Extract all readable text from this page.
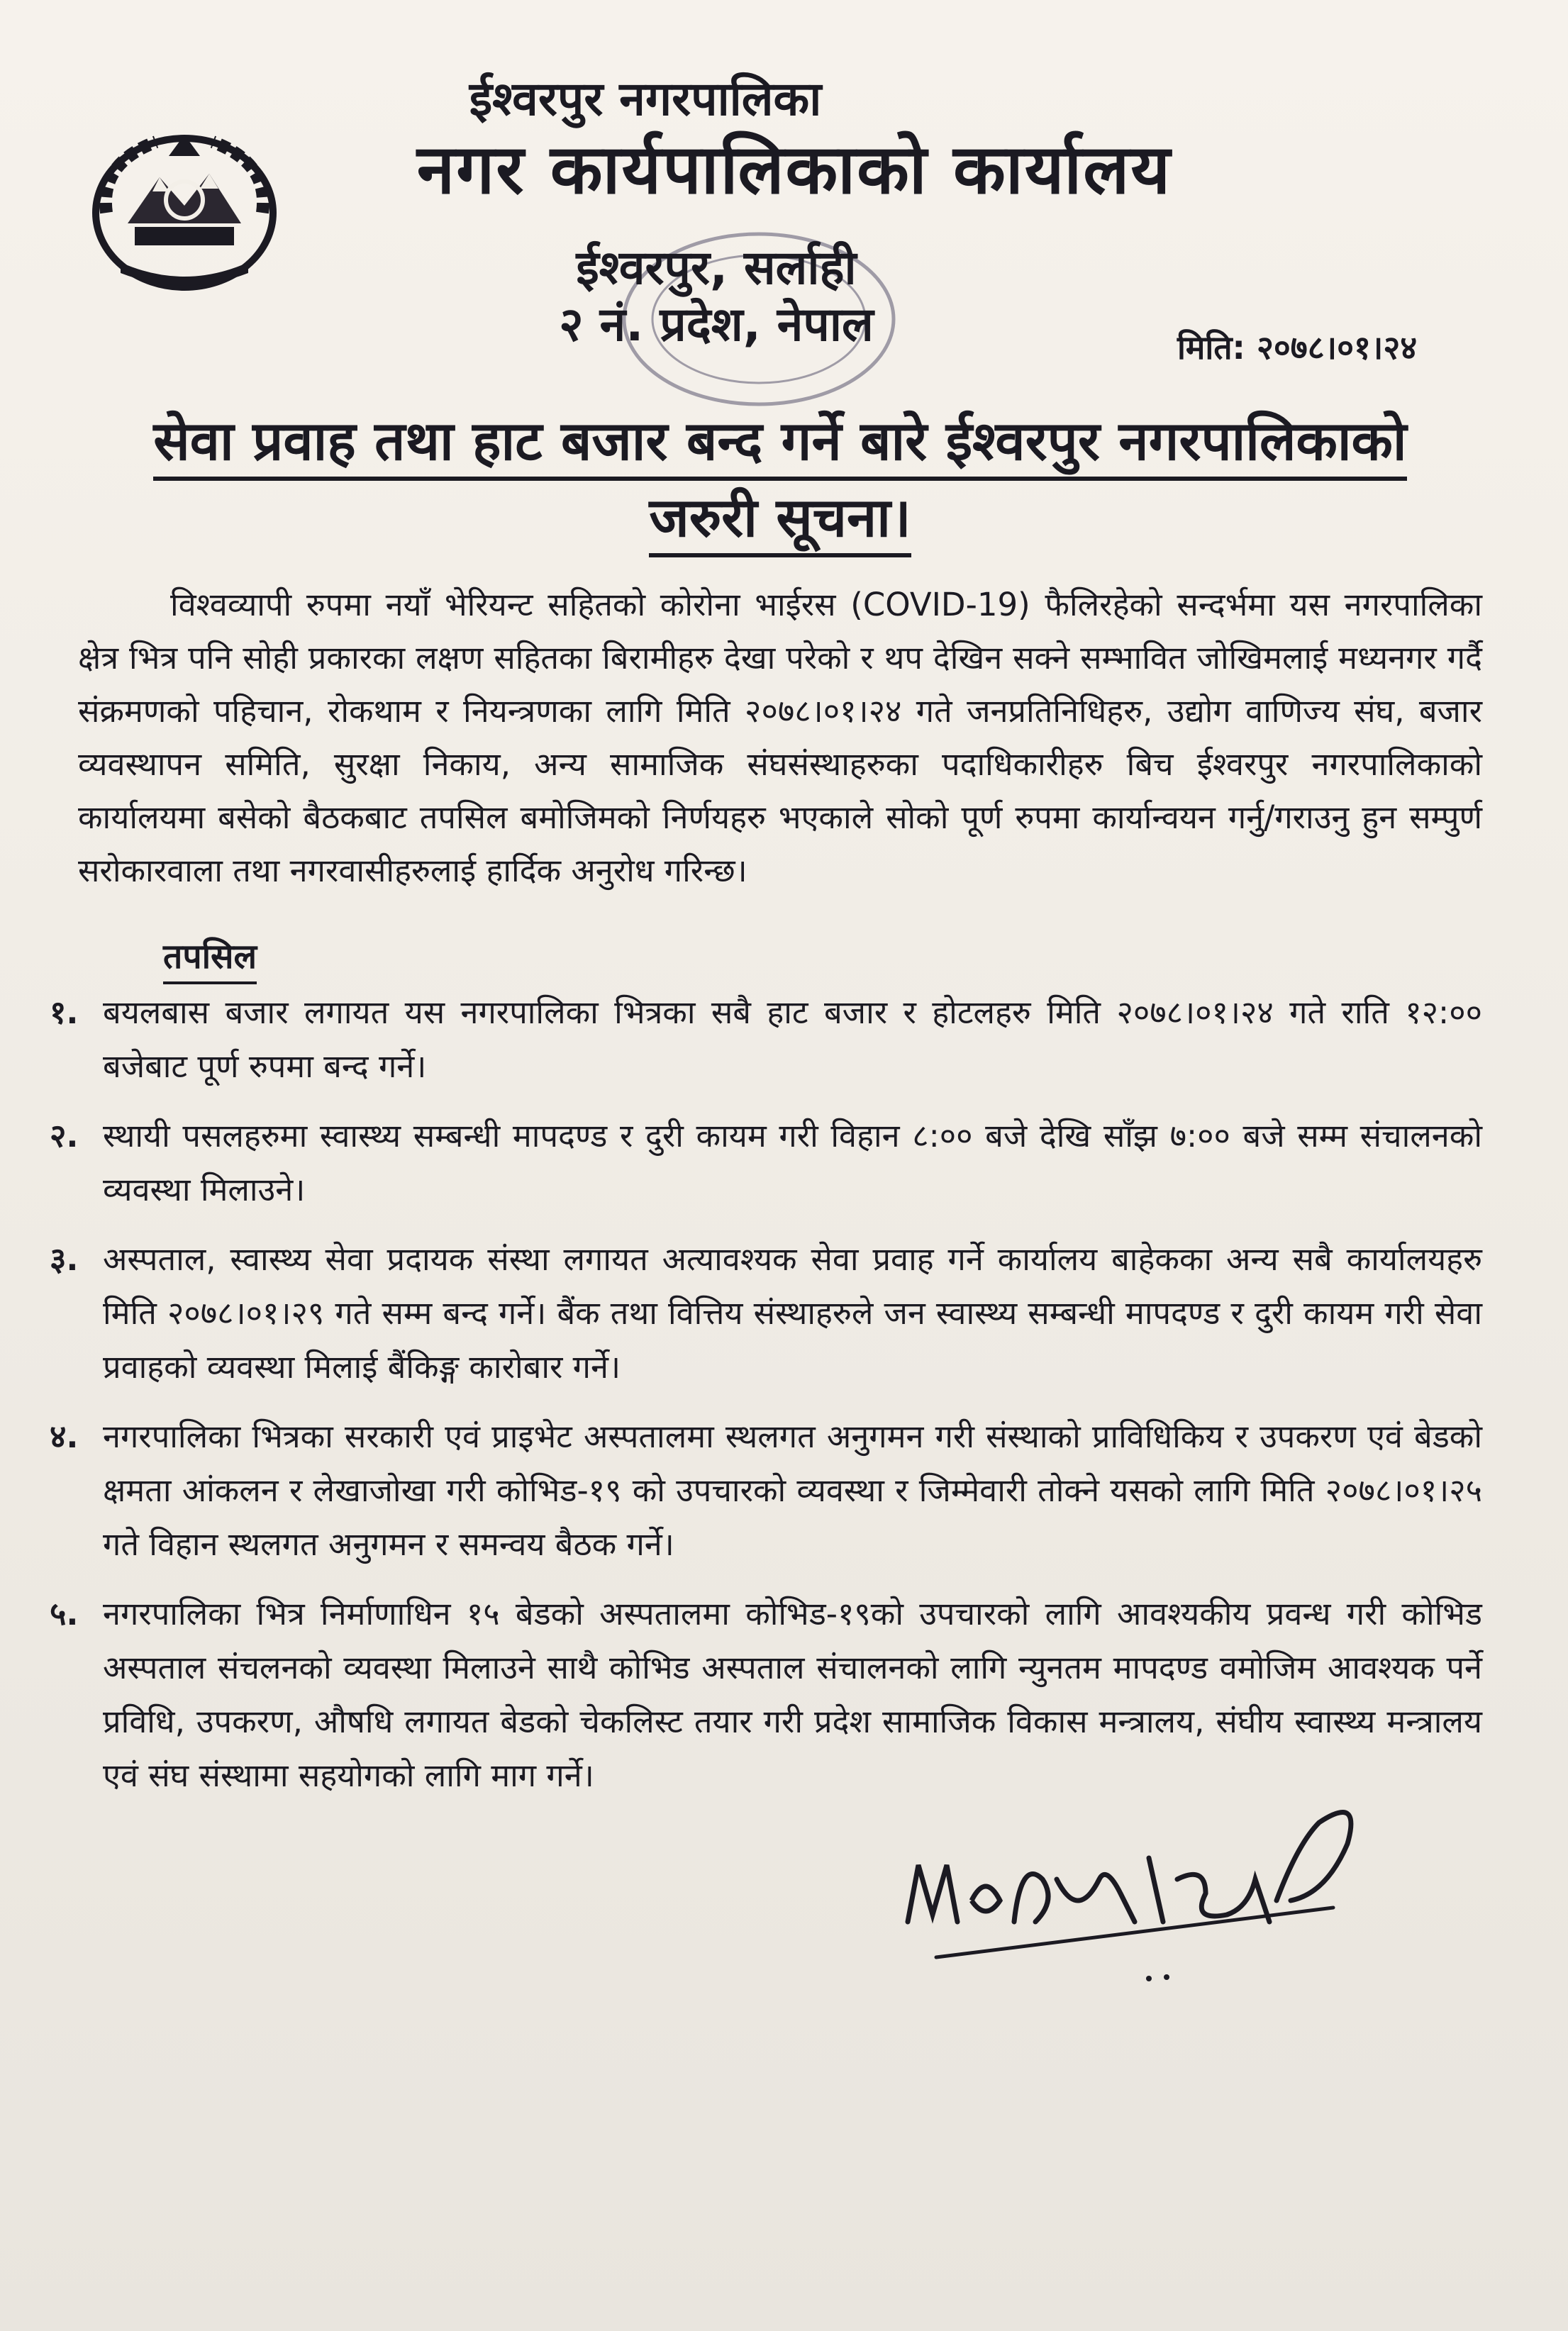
ईश्वरपुर नगरपालिका
नगर कार्यपालिकाको कार्यालय
ईश्वरपुर, सर्लाही
२ नं. प्रदेश, नेपाल	मिति: २०७८।०१।२४
सेवा प्रवाह तथा हाट बजार बन्द गर्ने बारे ईश्वरपुर नगरपालिकाको
जरुरी सूचना।

विश्वव्यापी रुपमा नयाँ भेरियन्ट सहितको कोरोना भाईरस (COVID-19) फैलिरहेको सन्दर्भमा यस नगरपालिका क्षेत्र भित्र पनि सोही प्रकारका लक्षण सहितका बिरामीहरु देखा परेको र थप देखिन सक्ने सम्भावित जोखिमलाई मध्यनगर गर्दै संक्रमणको पहिचान, रोकथाम र नियन्त्रणका लागि मिति २०७८।०१।२४ गते जनप्रतिनिधिहरु, उद्योग वाणिज्य संघ, बजार व्यवस्थापन समिति, सुरक्षा निकाय, अन्य सामाजिक संघसंस्थाहरुका पदाधिकारीहरु बिच ईश्वरपुर नगरपालिकाको कार्यालयमा बसेको बैठकबाट तपसिल बमोजिमको निर्णयहरु भएकाले सोको पूर्ण रुपमा कार्यान्वयन गर्नु/गराउनु हुन सम्पुर्ण सरोकारवाला तथा नगरवासीहरुलाई हार्दिक अनुरोध गरिन्छ।

तपसिल
१. बयलबास बजार लगायत यस नगरपालिका भित्रका सबै हाट बजार र होटलहरु मिति २०७८।०१।२४ गते राति १२:०० बजेबाट पूर्ण रुपमा बन्द गर्ने।
२. स्थायी पसलहरुमा स्वास्थ्य सम्बन्धी मापदण्ड र दुरी कायम गरी विहान ८:०० बजे देखि साँझ ७:०० बजे सम्म संचालनको व्यवस्था मिलाउने।
३. अस्पताल, स्वास्थ्य सेवा प्रदायक संस्था लगायत अत्यावश्यक सेवा प्रवाह गर्ने कार्यालय बाहेकका अन्य सबै कार्यालयहरु मिति २०७८।०१।२९ गते सम्म बन्द गर्ने। बैंक तथा वित्तिय संस्थाहरुले जन स्वास्थ्य सम्बन्धी मापदण्ड र दुरी कायम गरी सेवा प्रवाहको व्यवस्था मिलाई बैंकिङ्ग कारोबार गर्ने।
४. नगरपालिका भित्रका सरकारी एवं प्राइभेट अस्पतालमा स्थलगत अनुगमन गरी संस्थाको प्राविधिकिय र उपकरण एवं बेडको क्षमता आंकलन र लेखाजोखा गरी कोभिड-१९ को उपचारको व्यवस्था र जिम्मेवारी तोक्ने यसको लागि मिति २०७८।०१।२५ गते विहान स्थलगत अनुगमन र समन्वय बैठक गर्ने।
५. नगरपालिका भित्र निर्माणाधिन १५ बेडको अस्पतालमा कोभिड-१९को उपचारको लागि आवश्यकीय प्रवन्ध गरी कोभिड अस्पताल संचलनको व्यवस्था मिलाउने साथै कोभिड अस्पताल संचालनको लागि न्युनतम मापदण्ड वमोजिम आवश्यक पर्ने प्रविधि, उपकरण, औषधि लगायत बेडको चेकलिस्ट तयार गरी प्रदेश सामाजिक विकास मन्त्रालय, संघीय स्वास्थ्य मन्त्रालय एवं संघ संस्थामा सहयोगको लागि माग गर्ने।
